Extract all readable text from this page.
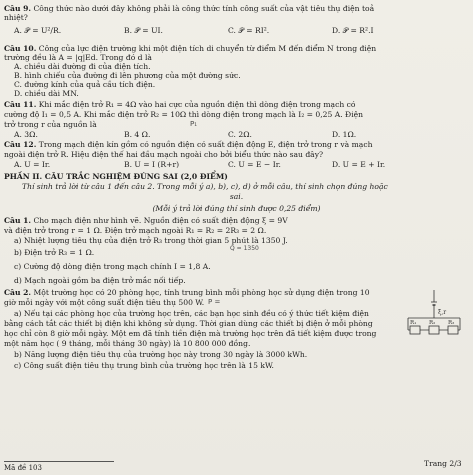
Câu 9. Công thức nào dưới đây không phải là công thức tính công suất của vật tiêu thụ điện toả
nhiệt?
Câu 10. Công của lực điện trường khi một điện tích di chuyển từ điểm M đến điểm N trong điện
trường đều là A = |q|Ed. Trong đó d là
A. chiều dài đường đi của điện tích.
B. hình chiếu của đường đi lên phương của một đường sức.
C. đường kính của quả cầu tích điện.
D. chiều dài MN.
Câu 11. Khi mắc điện trở R₁ = 4Ω vào hai cực của nguồn điện thì dòng điện trong mạch có
cường độ I₁ = 0,5 A. Khi mắc điện trở R₂ = 10Ω thì dòng điện trong mạch là I₂ = 0,25 A. Điện
trở trong r của nguồn là
Câu 12. Trong mạch điện kín gồm có nguồn điện có suất điện động E, điện trở trong r và mạch
ngoài điện trở R. Hiệu điện thế hai đầu mạch ngoài cho bởi biểu thức nào sau đây?
PHẦN II. CÂU TRẮC NGHIỆM ĐÚNG SAI (2,0 ĐIỂM)
Thí sinh trả lời từ câu 1 đến câu 2. Trong mỗi ý a), b), c), d) ở mỗi câu, thí sinh chọn đúng hoặc
sai.
(Mỗi ý trả lời đúng thí sinh được 0,25 điểm)
Câu 1. Cho mạch điện như hình vẽ. Nguồn điện có suất điện động ξ = 9V
và điện trở trong r = 1 Ω. Điện trở mạch ngoài R₁ = R₂ = 2R₃ = 2 Ω.
a) Nhiệt lượng tiêu thụ của điện trở R₃ trong thời gian 5 phút là 1350 J.
b) Điện trở R₃ = 1 Ω.
c) Cường độ dòng điện trong mạch chính I = 1,8 A.
d) Mạch ngoài gồm ba điện trở mắc nối tiếp.
Câu 2. Một trường học có 20 phòng học, tính trung bình mỗi phòng học sử dụng điện trong 10
giờ mỗi ngày với một công suất điện tiêu thụ 500 W.
a) Nếu tại các phòng học của trường học trên, các bạn học sinh đều có ý thức tiết kiệm điện
bằng cách tắt các thiết bị điện khi không sử dụng. Thời gian dùng các thiết bị điện ở mỗi phòng
học chỉ còn 8 giờ mỗi ngày. Một em đã tính tiền điện mà trường học trên đã tiết kiệm được trong
một năm học ( 9 tháng, mỗi tháng 30 ngày) là 10 800 000 đồng.
b) Năng lượng điện tiêu thụ của trường học này trong 30 ngày là 3000 kWh.
c) Công suất điện tiêu thụ trung bình của trường học trên là 15 kW.
A. 𝒫 = U²/R.	B. 𝒫 = UI.	C. 𝒫 = RI².	D. 𝒫 = R².I
A. 3Ω.	B. 4 Ω.	C. 2Ω.	D. 1Ω.
A. U = Ir.	B. U = I (R+r)	C. U = E − Ir.	D. U = E + Ir.
P₁
Q = 1350
P =
ξ,r
R₁ R₂ R₃
Mã đề 103	Trang 2/3
